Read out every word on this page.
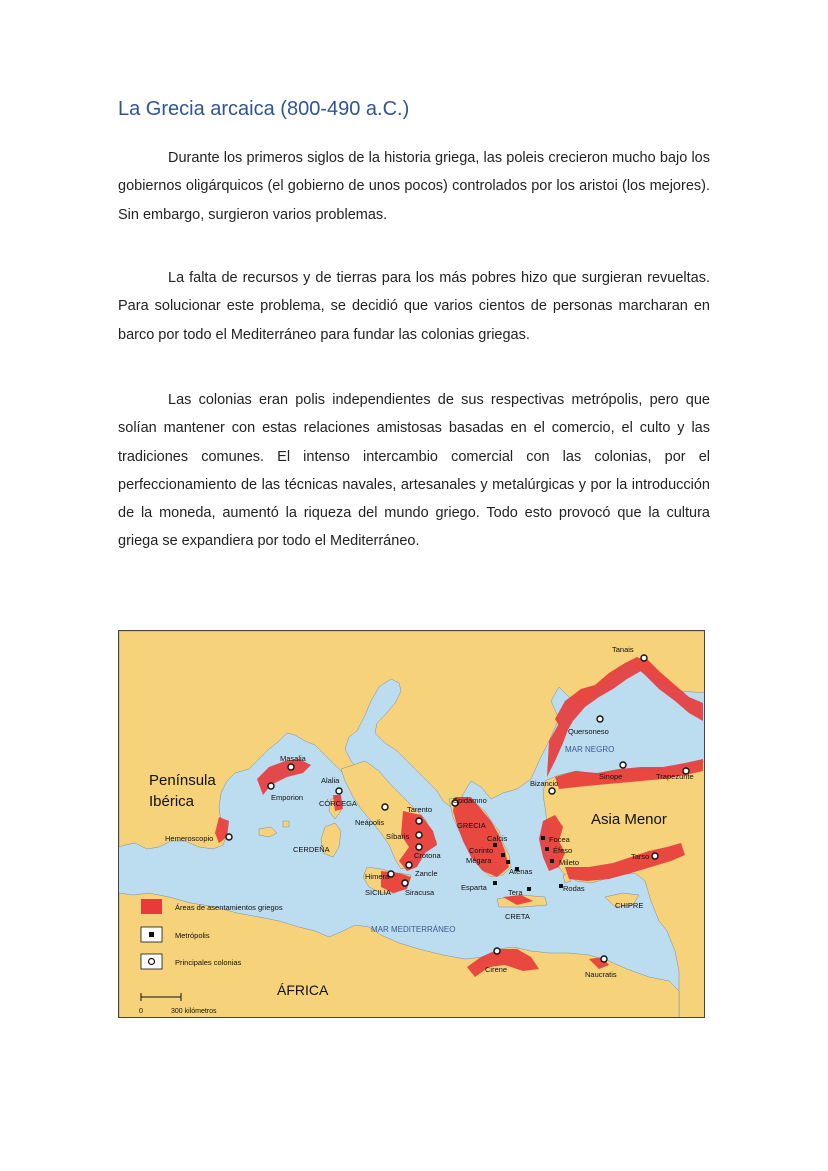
La Grecia arcaica (800-490 a.C.)

Durante los primeros siglos de la historia griega, las poleis crecieron mucho bajo los gobiernos oligárquicos (el gobierno de unos pocos) controlados por los aristoi (los mejores). Sin embargo, surgieron varios problemas.

La falta de recursos y de tierras para los más pobres hizo que surgieran revueltas. Para solucionar este problema, se decidió que varios cientos de personas marcharan en barco por todo el Mediterráneo para fundar las colonias griegas.

Las colonias eran polis independientes de sus respectivas metrópolis, pero que solían mantener con estas relaciones amistosas basadas en el comercio, el culto y las tradiciones comunes. El intenso intercambio comercial con las colonias, por el perfeccionamiento de las técnicas navales, artesanales y metalúrgicas y por la introducción de la moneda, aumentó la riqueza del mundo griego. Todo esto provocó que la cultura griega se expandiera por todo el Mediterráneo.

Península
Ibérica
Asia Menor
ÁFRICA
GRECIA
CRETA
CHIPRE
SICILIA
CERDEÑA
CÓRCEGA
MAR NEGRO
MAR MEDITERRÁNEO
Tanais
Quersoneso
Sinope	Trapezunte
Bizancio
Masalia
Emporion
Alalia
Hemeroscopio
Neápolis
Tarento
Síbaris
Crotona
Zancle
Himera
Siracusa
Epidamno
Calcis
Corinto
Mégara
Atenas
Esparta
Tera
Focea
Éfeso
Mileto
Rodas
Tarso
Cirene
Naucratis
Áreas de asentamientos griegos
Metrópolis
Principales colonias
0	300 kilómetros
